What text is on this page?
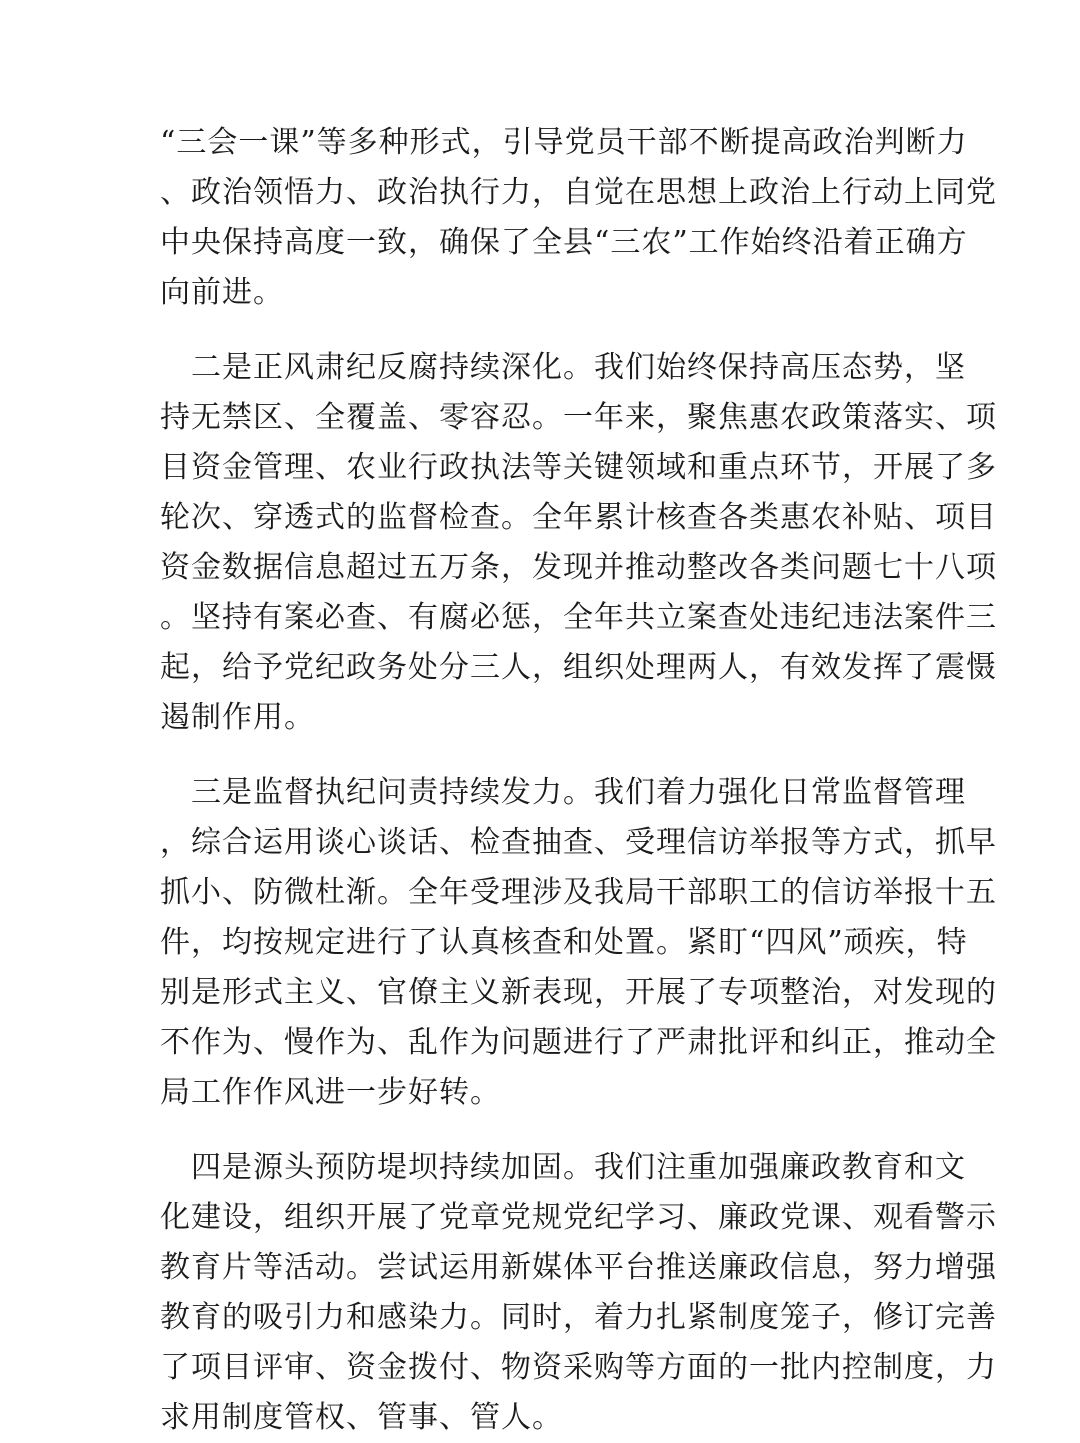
“三会一课”等多种形式，引导党员干部不断提高政治判断力
、政治领悟力、政治执行力，自觉在思想上政治上行动上同党
中央保持高度一致，确保了全县“三农”工作始终沿着正确方
向前进。
　二是正风肃纪反腐持续深化。我们始终保持高压态势，坚
持无禁区、全覆盖、零容忍。一年来，聚焦惠农政策落实、项
目资金管理、农业行政执法等关键领域和重点环节，开展了多
轮次、穿透式的监督检查。全年累计核查各类惠农补贴、项目
资金数据信息超过五万条，发现并推动整改各类问题七十八项
。坚持有案必查、有腐必惩，全年共立案查处违纪违法案件三
起，给予党纪政务处分三人，组织处理两人，有效发挥了震慑
遏制作用。
　三是监督执纪问责持续发力。我们着力强化日常监督管理
，综合运用谈心谈话、检查抽查、受理信访举报等方式，抓早
抓小、防微杜渐。全年受理涉及我局干部职工的信访举报十五
件，均按规定进行了认真核查和处置。紧盯“四风”顽疾，特
别是形式主义、官僚主义新表现，开展了专项整治，对发现的
不作为、慢作为、乱作为问题进行了严肃批评和纠正，推动全
局工作作风进一步好转。
　四是源头预防堤坝持续加固。我们注重加强廉政教育和文
化建设，组织开展了党章党规党纪学习、廉政党课、观看警示
教育片等活动。尝试运用新媒体平台推送廉政信息，努力增强
教育的吸引力和感染力。同时，着力扎紧制度笼子，修订完善
了项目评审、资金拨付、物资采购等方面的一批内控制度，力
求用制度管权、管事、管人。
